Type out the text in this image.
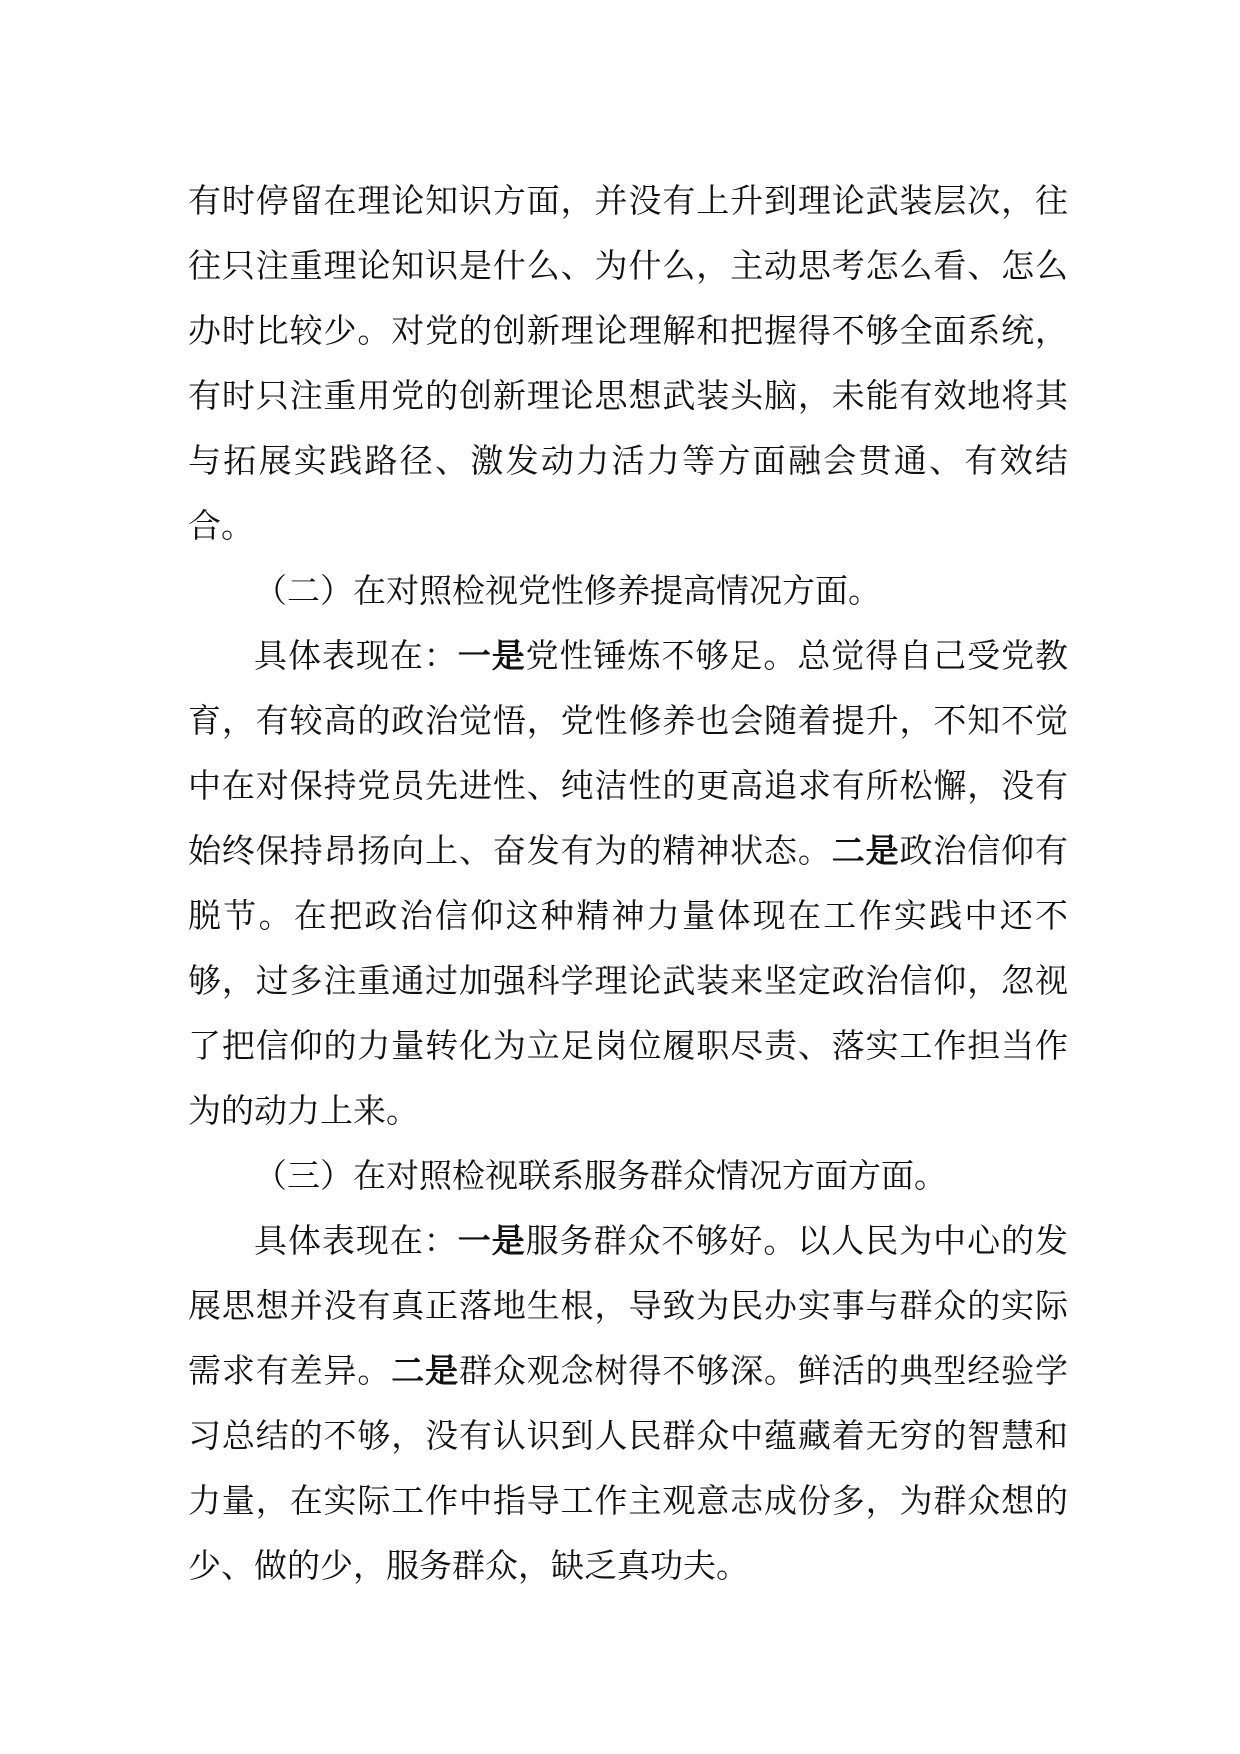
有时停留在理论知识方面，并没有上升到理论武装层次，往往只注重理论知识是什么、为什么，主动思考怎么看、怎么办时比较少。对党的创新理论理解和把握得不够全面系统，有时只注重用党的创新理论思想武装头脑，未能有效地将其与拓展实践路径、激发动力活力等方面融会贯通、有效结合。

（二）在对照检视党性修养提高情况方面。

具体表现在：一是党性锤炼不够足。总觉得自己受党教育，有较高的政治觉悟，党性修养也会随着提升，不知不觉中在对保持党员先进性、纯洁性的更高追求有所松懈，没有始终保持昂扬向上、奋发有为的精神状态。二是政治信仰有脱节。在把政治信仰这种精神力量体现在工作实践中还不够，过多注重通过加强科学理论武装来坚定政治信仰，忽视了把信仰的力量转化为立足岗位履职尽责、落实工作担当作为的动力上来。

（三）在对照检视联系服务群众情况方面方面。

具体表现在：一是服务群众不够好。以人民为中心的发展思想并没有真正落地生根，导致为民办实事与群众的实际需求有差异。二是群众观念树得不够深。鲜活的典型经验学习总结的不够，没有认识到人民群众中蕴藏着无穷的智慧和力量，在实际工作中指导工作主观意志成份多，为群众想的少、做的少，服务群众，缺乏真功夫。
